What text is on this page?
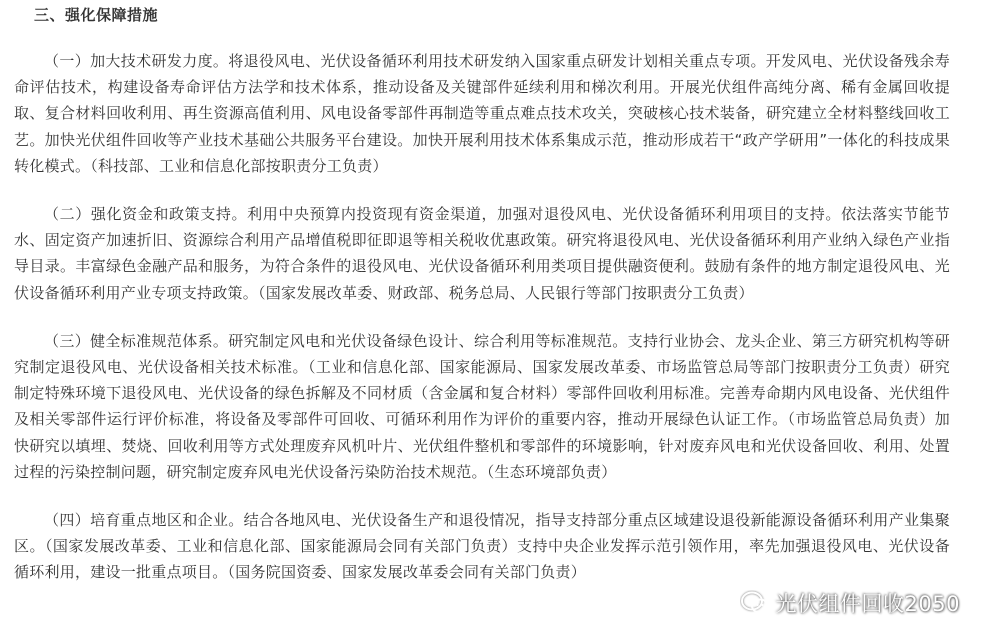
三、强化保障措施

（一）加大技术研发力度。将退役风电、光伏设备循环利用技术研发纳入国家重点研发计划相关重点专项。开发风电、光伏设备残余寿命评估技术，构建设备寿命评估方法学和技术体系，推动设备及关键部件延续利用和梯次利用。开展光伏组件高纯分离、稀有金属回收提取、复合材料回收利用、再生资源高值利用、风电设备零部件再制造等重点难点技术攻关，突破核心技术装备，研究建立全材料整线回收工艺。加快光伏组件回收等产业技术基础公共服务平台建设。加快开展利用技术体系集成示范，推动形成若干“政产学研用”一体化的科技成果转化模式。（科技部、工业和信息化部按职责分工负责）

（二）强化资金和政策支持。利用中央预算内投资现有资金渠道，加强对退役风电、光伏设备循环利用项目的支持。依法落实节能节水、固定资产加速折旧、资源综合利用产品增值税即征即退等相关税收优惠政策。研究将退役风电、光伏设备循环利用产业纳入绿色产业指导目录。丰富绿色金融产品和服务，为符合条件的退役风电、光伏设备循环利用类项目提供融资便利。鼓励有条件的地方制定退役风电、光伏设备循环利用产业专项支持政策。（国家发展改革委、财政部、税务总局、人民银行等部门按职责分工负责）

（三）健全标准规范体系。研究制定风电和光伏设备绿色设计、综合利用等标准规范。支持行业协会、龙头企业、第三方研究机构等研究制定退役风电、光伏设备相关技术标准。（工业和信息化部、国家能源局、国家发展改革委、市场监管总局等部门按职责分工负责）研究制定特殊环境下退役风电、光伏设备的绿色拆解及不同材质（含金属和复合材料）零部件回收利用标准。完善寿命期内风电设备、光伏组件及相关零部件运行评价标准，将设备及零部件可回收、可循环利用作为评价的重要内容，推动开展绿色认证工作。（市场监管总局负责）加快研究以填埋、焚烧、回收利用等方式处理废弃风机叶片、光伏组件整机和零部件的环境影响，针对废弃风电和光伏设备回收、利用、处置过程的污染控制问题，研究制定废弃风电光伏设备污染防治技术规范。（生态环境部负责）

（四）培育重点地区和企业。结合各地风电、光伏设备生产和退役情况，指导支持部分重点区域建设退役新能源设备循环利用产业集聚区。（国家发展改革委、工业和信息化部、国家能源局会同有关部门负责）支持中央企业发挥示范引领作用，率先加强退役风电、光伏设备循环利用，建设一批重点项目。（国务院国资委、国家发展改革委会同有关部门负责）

光伏组件回收2050
